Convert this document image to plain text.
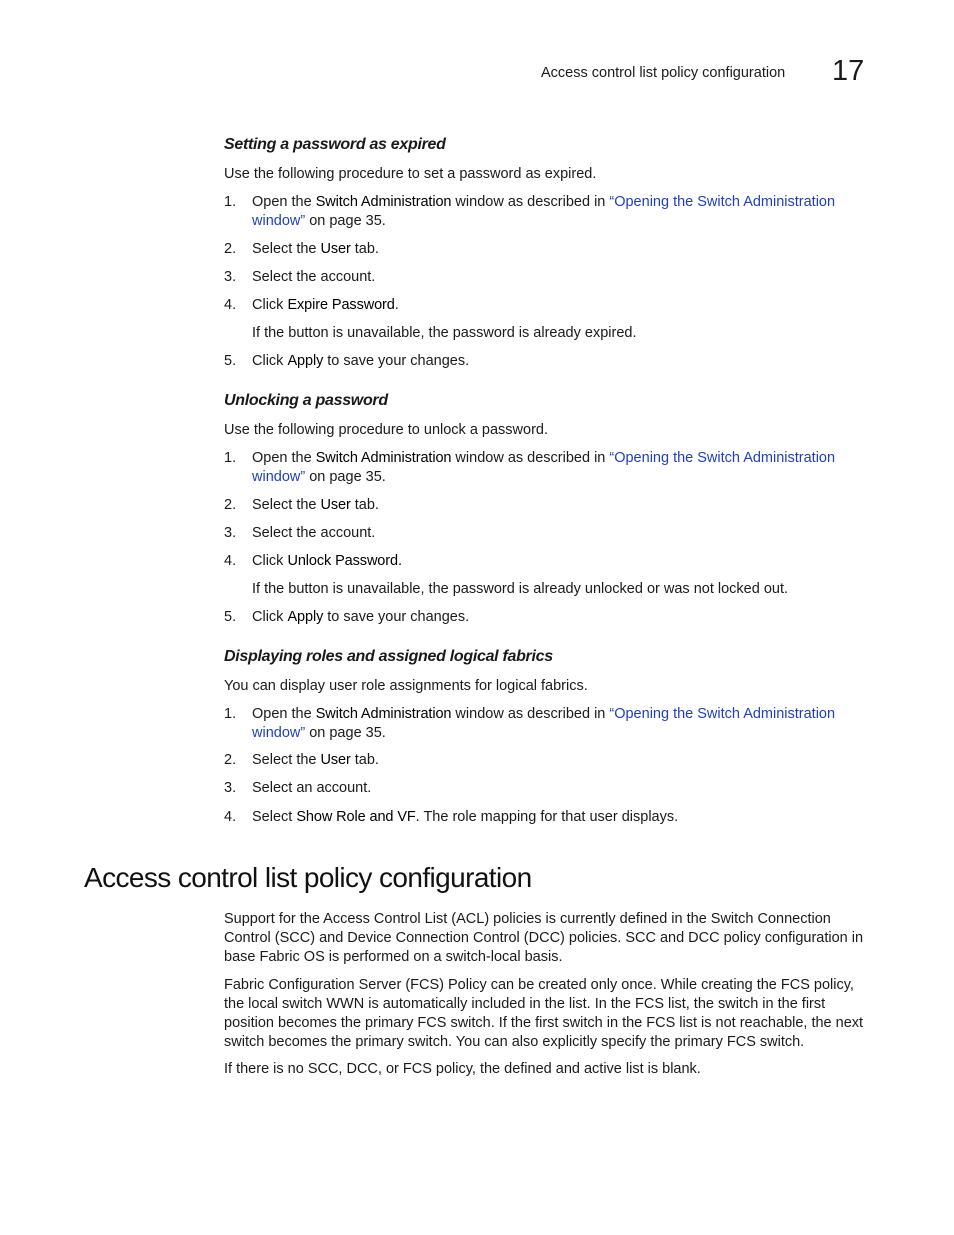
Access control list policy configuration 17
Setting a password as expired
Use the following procedure to set a password as expired.
1. Open the Switch Administration window as described in “Opening the Switch Administration window” on page 35.
2. Select the User tab.
3. Select the account.
4. Click Expire Password.
If the button is unavailable, the password is already expired.
5. Click Apply to save your changes.
Unlocking a password
Use the following procedure to unlock a password.
1. Open the Switch Administration window as described in “Opening the Switch Administration window” on page 35.
2. Select the User tab.
3. Select the account.
4. Click Unlock Password.
If the button is unavailable, the password is already unlocked or was not locked out.
5. Click Apply to save your changes.
Displaying roles and assigned logical fabrics
You can display user role assignments for logical fabrics.
1. Open the Switch Administration window as described in “Opening the Switch Administration window” on page 35.
2. Select the User tab.
3. Select an account.
4. Select Show Role and VF. The role mapping for that user displays.
Access control list policy configuration
Support for the Access Control List (ACL) policies is currently defined in the Switch Connection Control (SCC) and Device Connection Control (DCC) policies. SCC and DCC policy configuration in base Fabric OS is performed on a switch-local basis.
Fabric Configuration Server (FCS) Policy can be created only once. While creating the FCS policy, the local switch WWN is automatically included in the list. In the FCS list, the switch in the first position becomes the primary FCS switch. If the first switch in the FCS list is not reachable, the next switch becomes the primary switch. You can also explicitly specify the primary FCS switch.
If there is no SCC, DCC, or FCS policy, the defined and active list is blank.
